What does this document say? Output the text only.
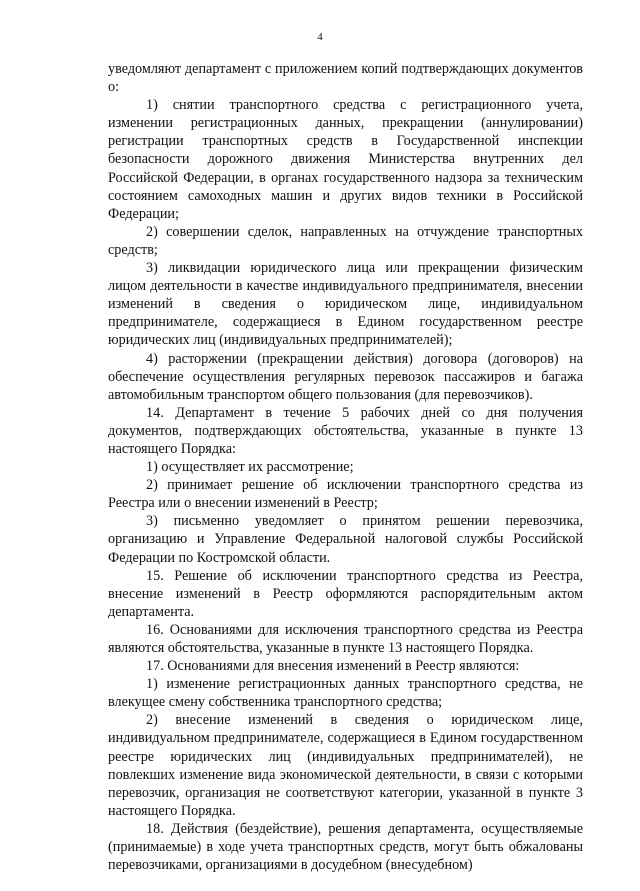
4

уведомляют департамент с приложением копий подтверждающих документов о:

1) снятии транспортного средства с регистрационного учета, изменении регистрационных данных, прекращении (аннулировании) регистрации транспортных средств в Государственной инспекции безопасности дорожного движения Министерства внутренних дел Российской Федерации, в органах государственного надзора за техническим состоянием самоходных машин и других видов техники в Российской Федерации;

2) совершении сделок, направленных на отчуждение транспортных средств;

3) ликвидации юридического лица или прекращении физическим лицом деятельности в качестве индивидуального предпринимателя, внесении изменений в сведения о юридическом лице, индивидуальном предпринимателе, содержащиеся в Едином государственном реестре юридических лиц (индивидуальных предпринимателей);

4) расторжении (прекращении действия) договора (договоров) на обеспечение осуществления регулярных перевозок пассажиров и багажа автомобильным транспортом общего пользования (для перевозчиков).

14. Департамент в течение 5 рабочих дней со дня получения документов, подтверждающих обстоятельства, указанные в пункте 13 настоящего Порядка:

1) осуществляет их рассмотрение;

2) принимает решение об исключении транспортного средства из Реестра или о внесении изменений в Реестр;

3) письменно уведомляет о принятом решении перевозчика, организацию и Управление Федеральной налоговой службы Российской Федерации по Костромской области.

15. Решение об исключении транспортного средства из Реестра, внесение изменений в Реестр оформляются распорядительным актом департамента.

16. Основаниями для исключения транспортного средства из Реестра являются обстоятельства, указанные в пункте 13 настоящего Порядка.

17. Основаниями для внесения изменений в Реестр являются:

1) изменение регистрационных данных транспортного средства, не влекущее смену собственника транспортного средства;

2) внесение изменений в сведения о юридическом лице, индивидуальном предпринимателе, содержащиеся в Едином государственном реестре юридических лиц (индивидуальных предпринимателей), не повлекших изменение вида экономической деятельности, в связи с которыми перевозчик, организация не соответствуют категории, указанной в пункте 3 настоящего Порядка.

18. Действия (бездействие), решения департамента, осуществляемые (принимаемые) в ходе учета транспортных средств, могут быть обжалованы перевозчиками, организациями в досудебном (внесудебном)
